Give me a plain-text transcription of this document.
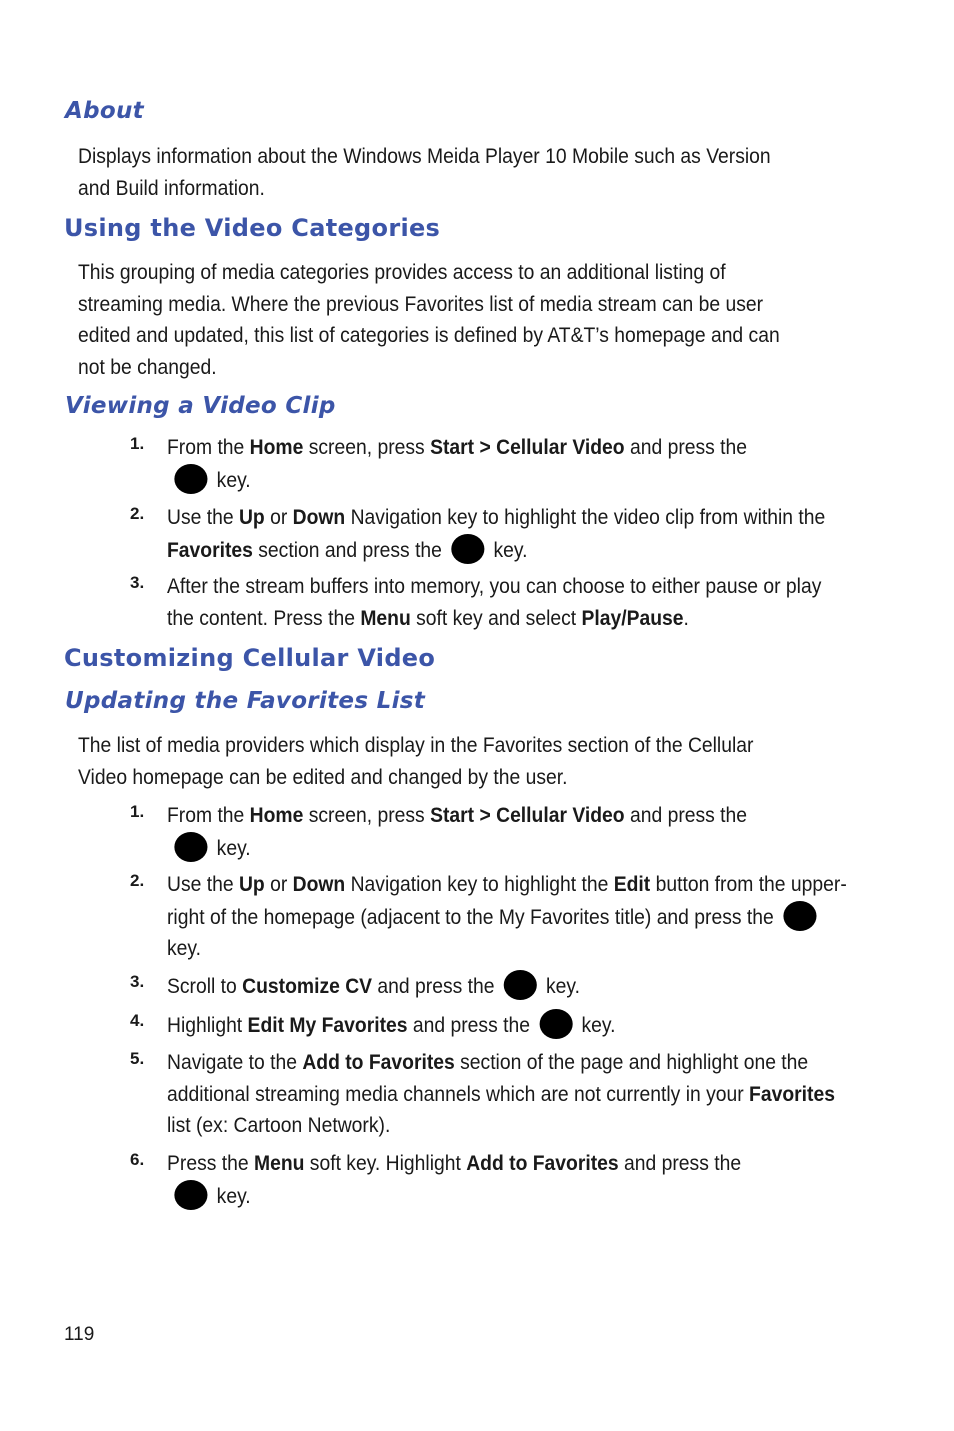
About

Displays information about the Windows Meida Player 10 Mobile such as Version and Build information.

Using the Video Categories

This grouping of media categories provides access to an additional listing of streaming media. Where the previous Favorites list of media stream can be user edited and updated, this list of categories is defined by AT&T’s homepage and can not be changed.

Viewing a Video Clip
1. From the Home screen, press Start > Cellular Video and press the
key.

2. Use the Up or Down Navigation key to highlight the video clip from within the Favorites section and press the key.

3. After the stream buffers into memory, you can choose to either pause or play the content. Press the Menu soft key and select Play/Pause.

Customizing Cellular Video
Updating the Favorites List

The list of media providers which display in the Favorites section of the Cellular Video homepage can be edited and changed by the user.

1. From the Home screen, press Start > Cellular Video and press the
key.

2. Use the Up or Down Navigation key to highlight the Edit button from the upper-right of the homepage (adjacent to the My Favorites title) and press thekey.

3. Scroll to Customize CV and press the key.

4. Highlight Edit My Favorites and press the key.

5. Navigate to the Add to Favorites section of the page and highlight one the additional streaming media channels which are not currently in your Favorites list (ex: Cartoon Network).

6. Press the Menu soft key. Highlight Add to Favorites and press the
key.

119
